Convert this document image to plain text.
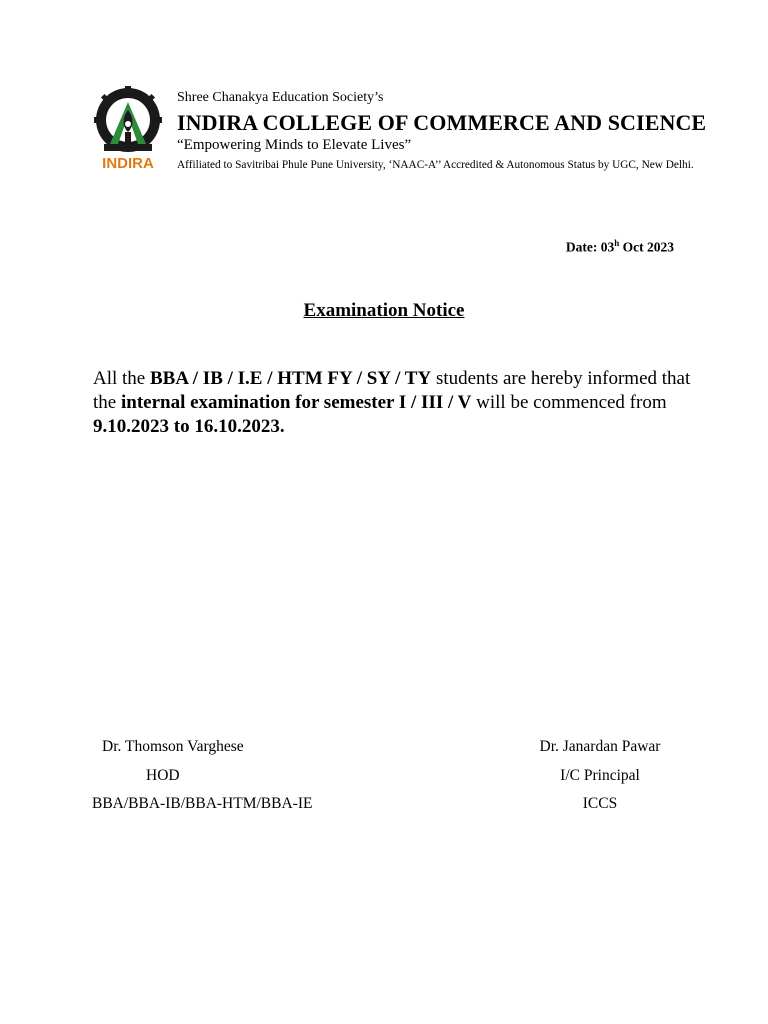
INDIRA
Shree Chanakya Education Society’s
INDIRA COLLEGE OF COMMERCE AND SCIENCE
“Empowering Minds to Elevate Lives”
Affiliated to Savitribai Phule Pune University, ‘NAAC-A’’ Accredited & Autonomous Status by UGC, New Delhi.
Date: 03$^h$ Oct 2023
Examination Notice
All the BBA / IB / I.E / HTM FY / SY / TY students are hereby informed that the internal examination for semester I / III / V will be commenced from 9.10.2023 to 16.10.2023.
Dr. Thomson Varghese
HOD
BBA/BBA-IB/BBA-HTM/BBA-IE
Dr. Janardan Pawar
I/C Principal
ICCS
